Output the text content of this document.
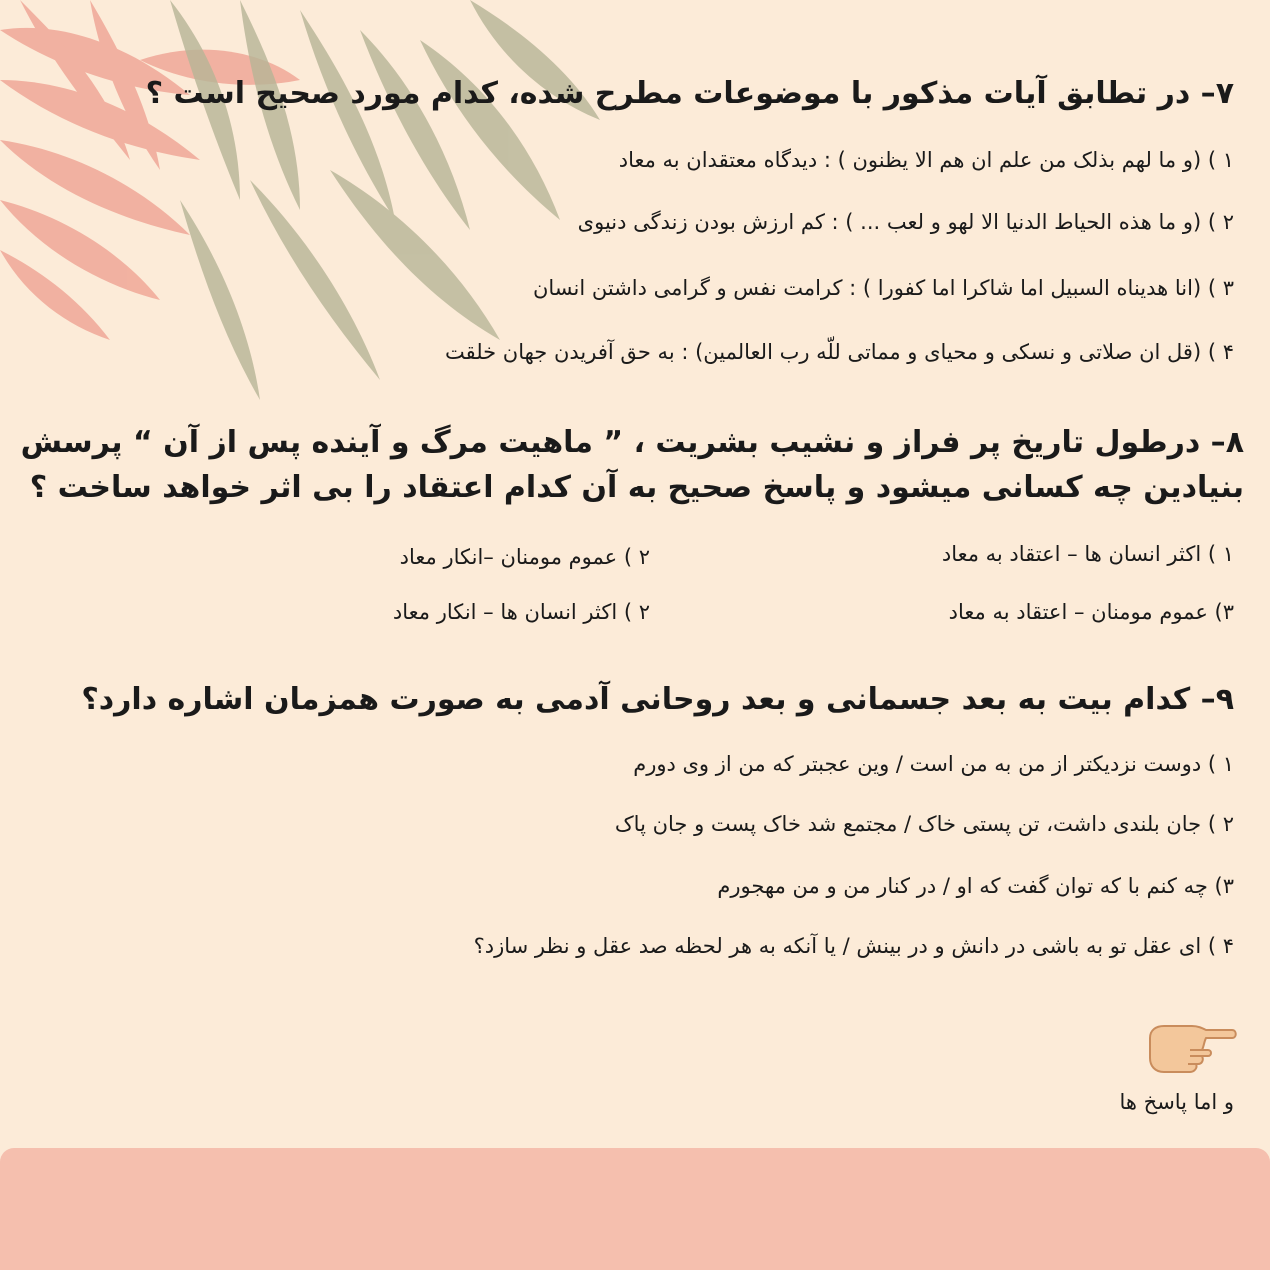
۷– در تطابق آیات مذکور با موضوعات مطرح شده، کدام مورد صحیح است ؟
۱ ) (و ما لهم بذلک من علم ان هم الا یظنون ) : دیدگاه معتقدان به معاد
۲ ) (و ما هذه الحیاط الدنیا الا لهو و لعب ... ) : کم ارزش بودن زندگی دنیوی
۳ ) (انا هدیناه السبیل اما شاکرا اما کفورا ) : کرامت نفس و گرامی داشتن انسان
۴ ) (قل ان صلاتی و نسکی و محیای و مماتی للّه رب العالمین) : به حق آفریدن جهان خلقت
۸– درطول تاریخ پر فراز و نشیب بشریت ، ” ماهیت مرگ و آینده پس از آن “ پرسش بنیادین چه کسانی میشود و پاسخ صحیح به آن کدام اعتقاد را بی اثر خواهد ساخت ؟
۱ ) اکثر انسان ها – اعتقاد به معاد
۲ ) عموم مومنان –انکار معاد
۳) عموم مومنان – اعتقاد به معاد
۲ ) اکثر انسان ها – انکار معاد
۹– کدام بیت به بعد جسمانی و بعد روحانی آدمی به صورت همزمان اشاره دارد؟
۱ ) دوست نزدیکتر از من به من است / وین عجبتر که من از وی دورم
۲ ) جان بلندی داشت، تن پستی خاک / مجتمع شد خاک پست و جان پاک
۳) چه کنم با که توان گفت که او / در کنار من و من مهجورم
۴ ) ای عقل تو به باشی در دانش و در بینش / یا آنکه به هر لحظه صد عقل و نظر سازد؟
و اما پاسخ ها
